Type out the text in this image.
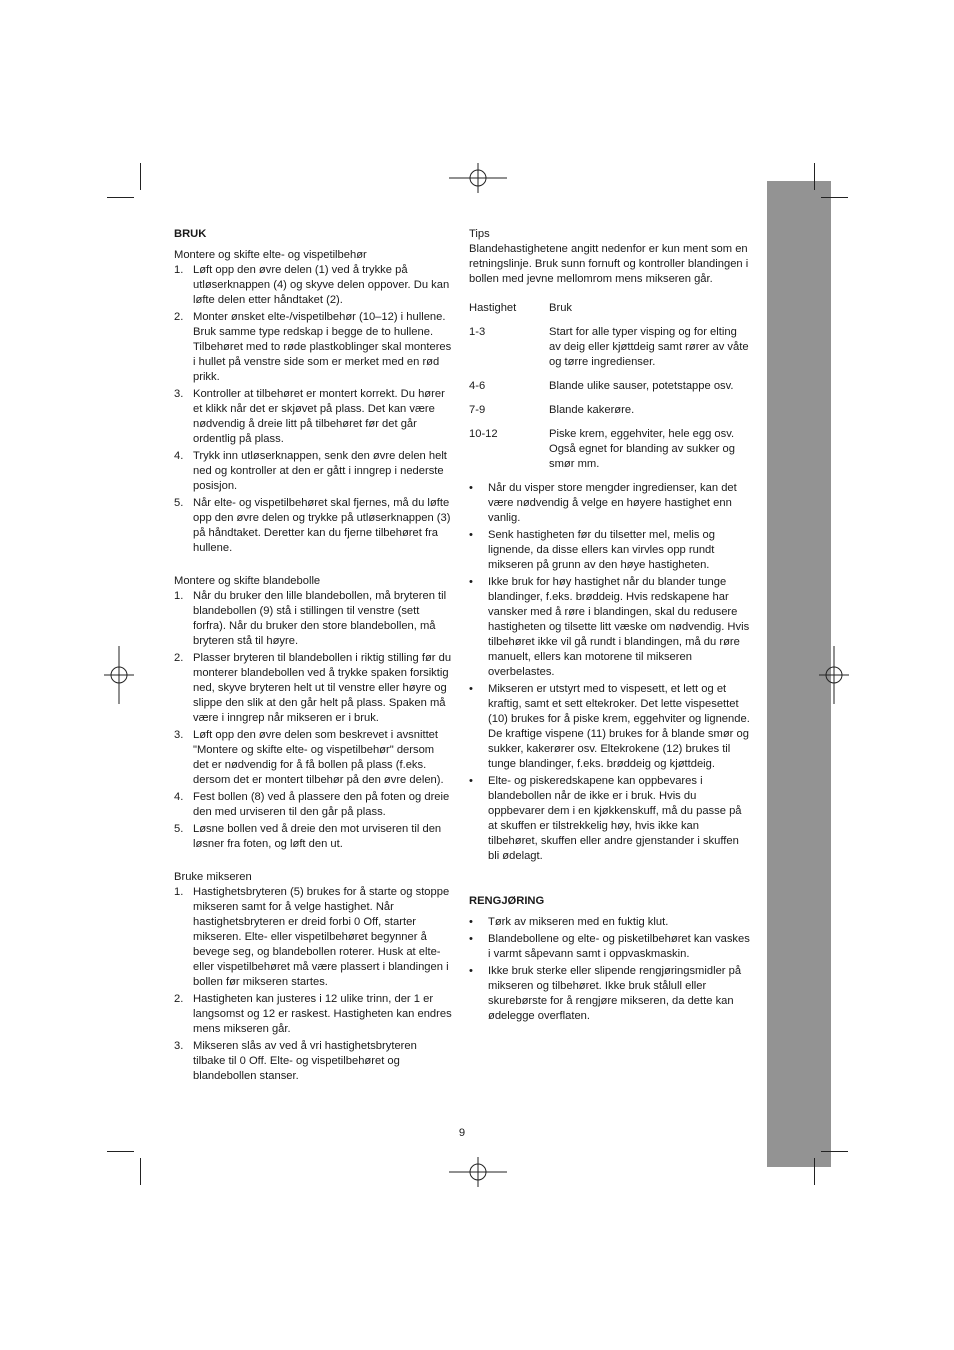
BRUK
Montere og skifte elte- og vispetilbehør
1. Løft opp den øvre delen (1) ved å trykke på utløserknappen (4) og skyve delen oppover. Du kan løfte delen etter håndtaket (2).
2. Monter ønsket elte-/vispetilbehør (10–12) i hullene. Bruk samme type redskap i begge de to hullene. Tilbehøret med to røde plastkoblinger skal monteres i hullet på venstre side som er merket med en rød prikk.
3. Kontroller at tilbehøret er montert korrekt. Du hører et klikk når det er skjøvet på plass. Det kan være nødvendig å dreie litt på tilbehøret før det går ordentlig på plass.
4. Trykk inn utløserknappen, senk den øvre delen helt ned og kontroller at den er gått i inngrep i nederste posisjon.
5. Når elte- og vispetilbehøret skal fjernes, må du løfte opp den øvre delen og trykke på utløserknappen (3) på håndtaket. Deretter kan du fjerne tilbehøret fra hullene.
Montere og skifte blandebolle
1. Når du bruker den lille blandebollen, må bryteren til blandebollen (9) stå i stillingen til venstre (sett forfra). Når du bruker den store blandebollen, må bryteren stå til høyre.
2. Plasser bryteren til blandebollen i riktig stilling før du monterer blandebollen ved å trykke spaken forsiktig ned, skyve bryteren helt ut til venstre eller høyre og slippe den slik at den går helt på plass. Spaken må være i inngrep når mikseren er i bruk.
3. Løft opp den øvre delen som beskrevet i avsnittet "Montere og skifte elte- og vispetilbehør" dersom det er nødvendig for å få bollen på plass (f.eks. dersom det er montert tilbehør på den øvre delen).
4. Fest bollen (8) ved å plassere den på foten og dreie den med urviseren til den går på plass.
5. Løsne bollen ved å dreie den mot urviseren til den løsner fra foten, og løft den ut.
Bruke mikseren
1. Hastighetsbryteren (5) brukes for å starte og stoppe mikseren samt for å velge hastighet. Når hastighetsbryteren er dreid forbi 0 Off, starter mikseren. Elte- eller vispetilbehøret begynner å bevege seg, og blandebollen roterer. Husk at elte- eller vispetilbehøret må være plassert i blandingen i bollen før mikseren startes.
2. Hastigheten kan justeres i 12 ulike trinn, der 1 er langsomst og 12 er raskest. Hastigheten kan endres mens mikseren går.
3. Mikseren slås av ved å vri hastighetsbryteren tilbake til 0 Off. Elte- og vispetilbehøret og blandebollen stanser.
Tips

Blandehastighetene angitt nedenfor er kun ment som en retningslinje. Bruk sunn fornuft og kontroller blandingen i bollen med jevne mellomrom mens mikseren går.

Hastighet	Bruk
1-3	Start for alle typer visping og for elting av deig eller kjøttdeig samt rører av våte og tørre ingredienser.
4-6	Blande ulike sauser, potetstappe osv.
7-9	Blande kakerøre.
10-12	Piske krem, eggehviter, hele egg osv. Også egnet for blanding av sukker og smør mm.
• Når du visper store mengder ingredienser, kan det være nødvendig å velge en høyere hastighet enn vanlig.
• Senk hastigheten før du tilsetter mel, melis og lignende, da disse ellers kan virvles opp rundt mikseren på grunn av den høye hastigheten.
• Ikke bruk for høy hastighet når du blander tunge blandinger, f.eks. brøddeig. Hvis redskapene har vansker med å røre i blandingen, skal du redusere hastigheten og tilsette litt væske om nødvendig. Hvis tilbehøret ikke vil gå rundt i blandingen, må du røre manuelt, ellers kan motorene til mikseren overbelastes.
• Mikseren er utstyrt med to vispesett, et lett og et kraftig, samt et sett eltekroker. Det lette vispesettet (10) brukes for å piske krem, eggehviter og lignende. De kraftige vispene (11) brukes for å blande smør og sukker, kakerører osv. Eltekrokene (12) brukes til tunge blandinger, f.eks. brøddeig og kjøttdeig.
• Elte- og piskeredskapene kan oppbevares i blandebollen når de ikke er i bruk. Hvis du oppbevarer dem i en kjøkkenskuff, må du passe på at skuffen er tilstrekkelig høy, hvis ikke kan tilbehøret, skuffen eller andre gjenstander i skuffen bli ødelagt.
RENGJØRING
• Tørk av mikseren med en fuktig klut.
• Blandebollene og elte- og pisketilbehøret kan vaskes i varmt såpevann samt i oppvaskmaskin.
• Ikke bruk sterke eller slipende rengjøringsmidler på mikseren og tilbehøret. Ikke bruk stålull eller skurebørste for å rengjøre mikseren, da dette kan ødelegge overflaten.
9
